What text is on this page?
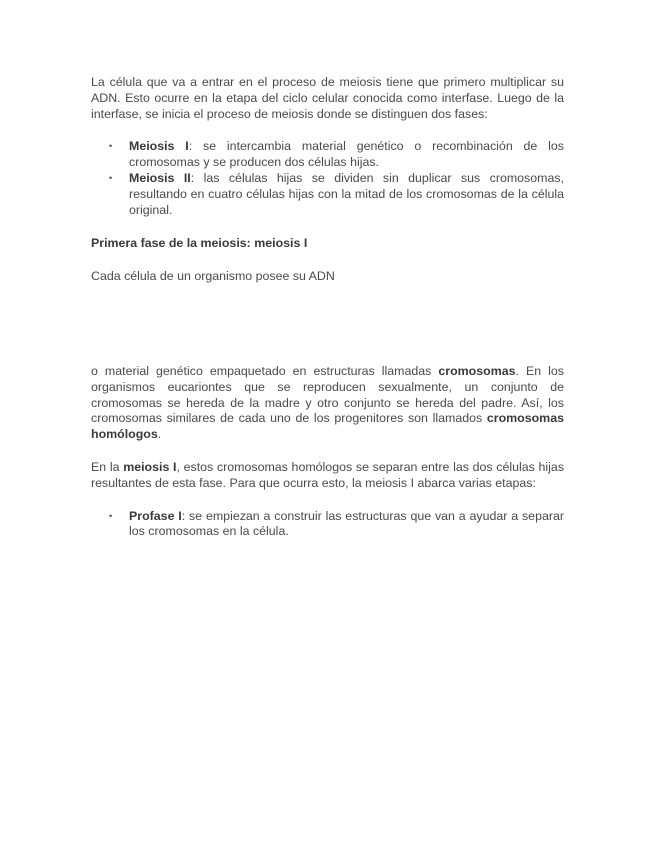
La célula que va a entrar en el proceso de meiosis tiene que primero multiplicar su ADN. Esto ocurre en la etapa del ciclo celular conocida como interfase. Luego de la interfase, se inicia el proceso de meiosis donde se distinguen dos fases:

• Meiosis I: se intercambia material genético o recombinación de los cromosomas y se producen dos células hijas.
• Meiosis II: las células hijas se dividen sin duplicar sus cromosomas, resultando en cuatro células hijas con la mitad de los cromosomas de la célula original.

Primera fase de la meiosis: meiosis I

Cada célula de un organismo posee su ADN

o material genético empaquetado en estructuras llamadas cromosomas. En los organismos eucariontes que se reproducen sexualmente, un conjunto de cromosomas se hereda de la madre y otro conjunto se hereda del padre. Así, los cromosomas similares de cada uno de los progenitores son llamados cromosomas homólogos.

En la meiosis I, estos cromosomas homólogos se separan entre las dos células hijas resultantes de esta fase. Para que ocurra esto, la meiosis I abarca varias etapas:

• Profase I: se empiezan a construir las estructuras que van a ayudar a separar los cromosomas en la célula.
